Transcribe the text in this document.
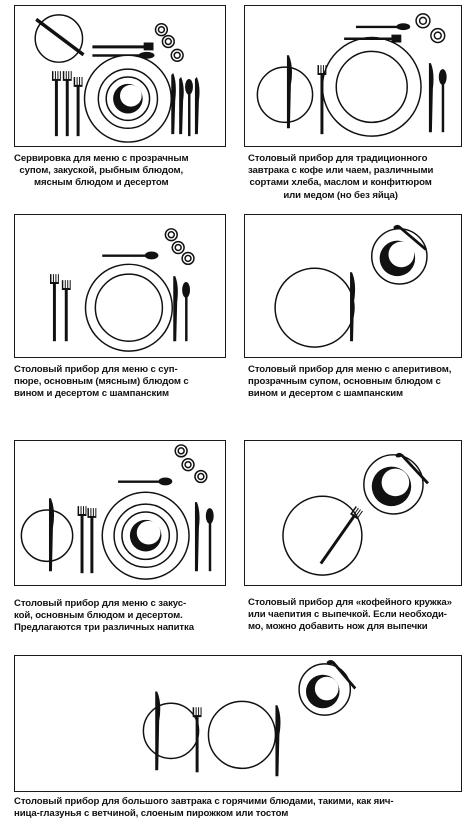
Сервировка для меню с прозрачным
супом, закуской, рыбным блюдом,
мясным блюдом и десертом
Столовый прибор для традиционного
завтрака с кофе или чаем, различными
сортами хлеба, маслом и конфитюром
или медом (но без яйца)
Столовый прибор для меню с суп-
пюре, основным (мясным) блюдом с
вином и десертом с шампанским
Столовый прибор для меню с аперитивом,
прозрачным супом, основным блюдом с
вином и десертом с шампанским
Столовый прибор для меню с закус-
кой, основным блюдом и десертом.
Предлагаются три различных напитка
Столовый прибор для «кофейного кружка»
или чаепития с выпечкой. Если необходи-
мо, можно добавить нож для выпечки
Столовый прибор для большого завтрака с горячими блюдами, такими, как яич-
ница-глазунья с ветчиной, слоеным пирожком или тостом
